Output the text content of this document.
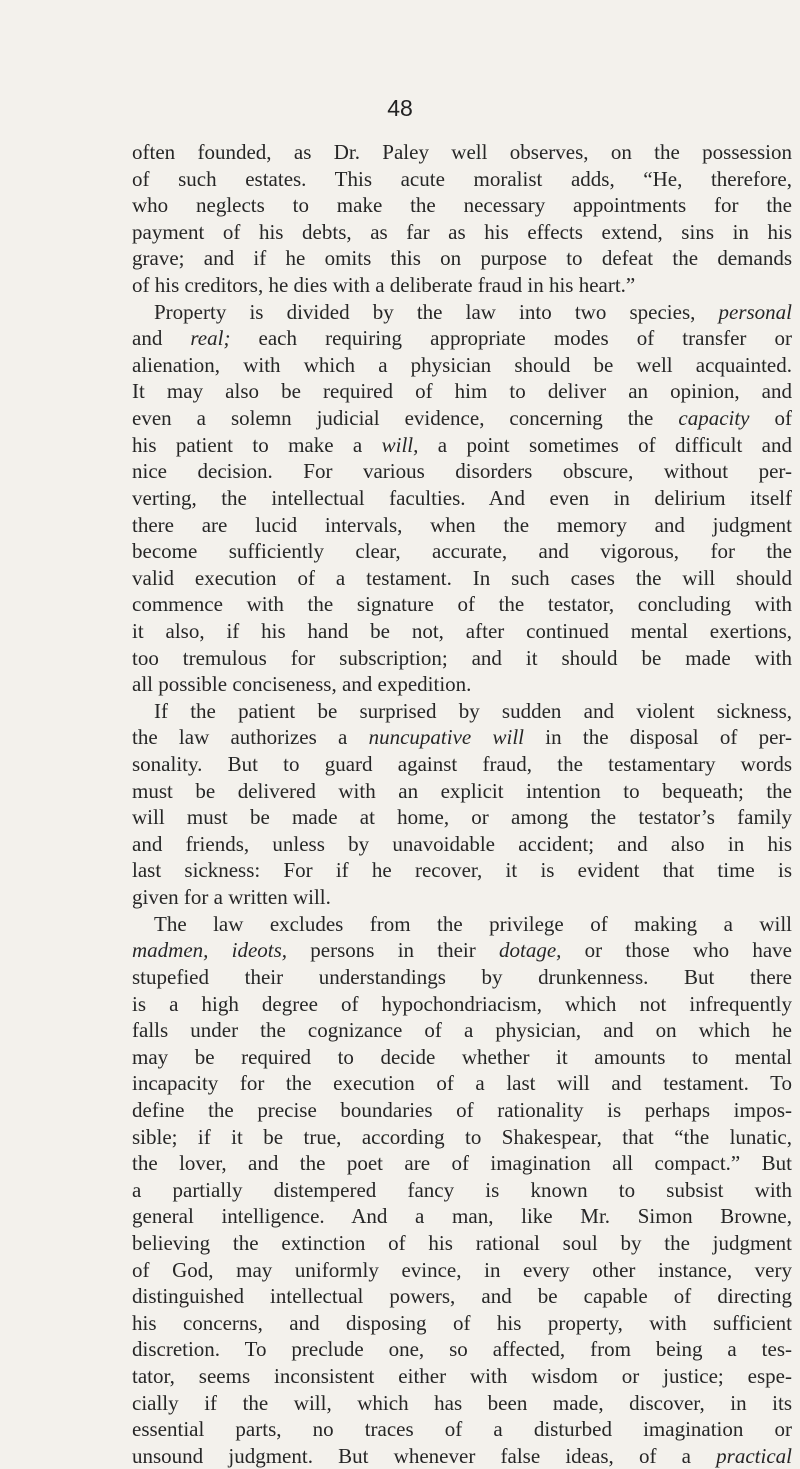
48
often founded, as Dr. Paley well observes, on the possession
of such estates. This acute moralist adds, “He, therefore,
who neglects to make the necessary appointments for the
payment of his debts, as far as his effects extend, sins in his
grave; and if he omits this on purpose to defeat the demands
of his creditors, he dies with a deliberate fraud in his heart.”
Property is divided by the law into two species, personal
and real; each requiring appropriate modes of transfer or
alienation, with which a physician should be well acquainted.
It may also be required of him to deliver an opinion, and
even a solemn judicial evidence, concerning the capacity of
his patient to make a will, a point sometimes of difficult and
nice decision. For various disorders obscure, without per-
verting, the intellectual faculties. And even in delirium itself
there are lucid intervals, when the memory and judgment
become sufficiently clear, accurate, and vigorous, for the
valid execution of a testament. In such cases the will should
commence with the signature of the testator, concluding with
it also, if his hand be not, after continued mental exertions,
too tremulous for subscription; and it should be made with
all possible conciseness, and expedition.
If the patient be surprised by sudden and violent sickness,
the law authorizes a nuncupative will in the disposal of per-
sonality. But to guard against fraud, the testamentary words
must be delivered with an explicit intention to bequeath; the
will must be made at home, or among the testator’s family
and friends, unless by unavoidable accident; and also in his
last sickness: For if he recover, it is evident that time is
given for a written will.
The law excludes from the privilege of making a will
madmen, ideots, persons in their dotage, or those who have
stupefied their understandings by drunkenness. But there
is a high degree of hypochondriacism, which not infrequently
falls under the cognizance of a physician, and on which he
may be required to decide whether it amounts to mental
incapacity for the execution of a last will and testament. To
define the precise boundaries of rationality is perhaps impos-
sible; if it be true, according to Shakespear, that “the lunatic,
the lover, and the poet are of imagination all compact.” But
a partially distempered fancy is known to subsist with
general intelligence. And a man, like Mr. Simon Browne,
believing the extinction of his rational soul by the judgment
of God, may uniformly evince, in every other instance, very
distinguished intellectual powers, and be capable of directing
his concerns, and disposing of his property, with sufficient
discretion. To preclude one, so affected, from being a tes-
tator, seems inconsistent either with wisdom or justice; espe-
cially if the will, which has been made, discover, in its
essential parts, no traces of a disturbed imagination or
unsound judgment. But whenever false ideas, of a practical
